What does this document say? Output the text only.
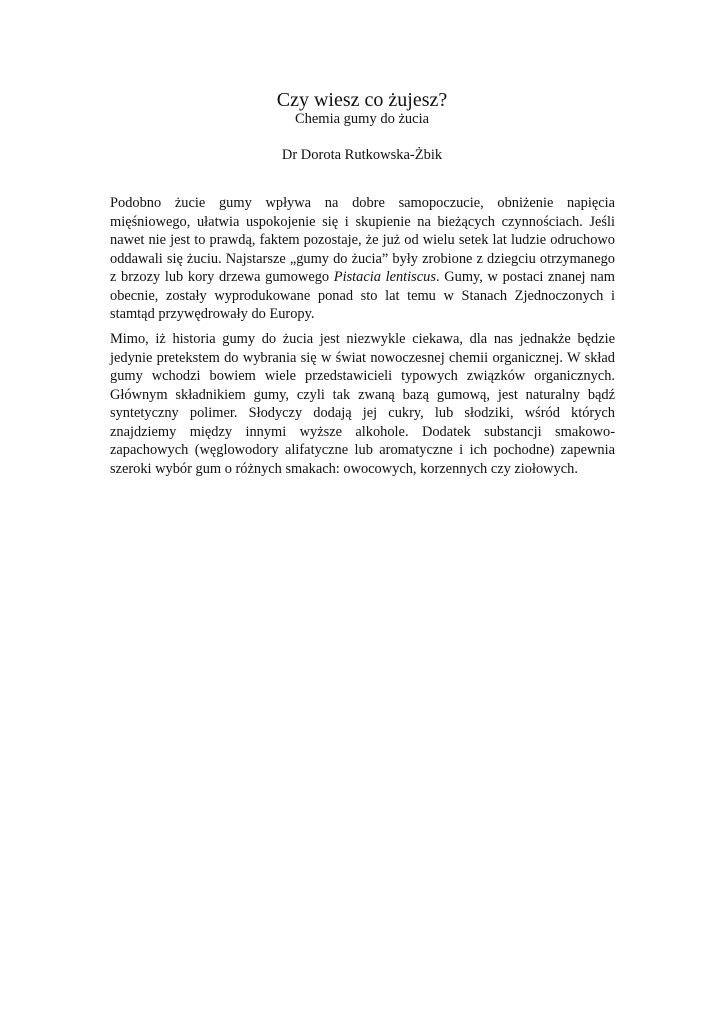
Czy wiesz co żujesz?
Chemia gumy do żucia
Dr Dorota Rutkowska-Żbik
Podobno żucie gumy wpływa na dobre samopoczucie, obniżenie napięcia
mięśniowego, ułatwia uspokojenie się i skupienie na bieżących czynnościach. Jeśli
nawet nie jest to prawdą, faktem pozostaje, że już od wielu setek lat ludzie odruchowo
oddawali się żuciu. Najstarsze „gumy do żucia” były zrobione z dziegciu otrzymanego
z brzozy lub kory drzewa gumowego Pistacia lentiscus. Gumy, w postaci znanej nam
obecnie, zostały wyprodukowane ponad sto lat temu w Stanach Zjednoczonych i
stamtąd przywędrowały do Europy.
Mimo, iż historia gumy do żucia jest niezwykle ciekawa, dla nas jednakże będzie
jedynie pretekstem do wybrania się w świat nowoczesnej chemii organicznej. W skład
gumy wchodzi bowiem wiele przedstawicieli typowych związków organicznych.
Głównym składnikiem gumy, czyli tak zwaną bazą gumową, jest naturalny bądź
syntetyczny polimer. Słodyczy dodają jej cukry, lub słodziki, wśród których
znajdziemy między innymi wyższe alkohole. Dodatek substancji smakowo-
zapachowych (węglowodory alifatyczne lub aromatyczne i ich pochodne) zapewnia
szeroki wybór gum o różnych smakach: owocowych, korzennych czy ziołowych.
